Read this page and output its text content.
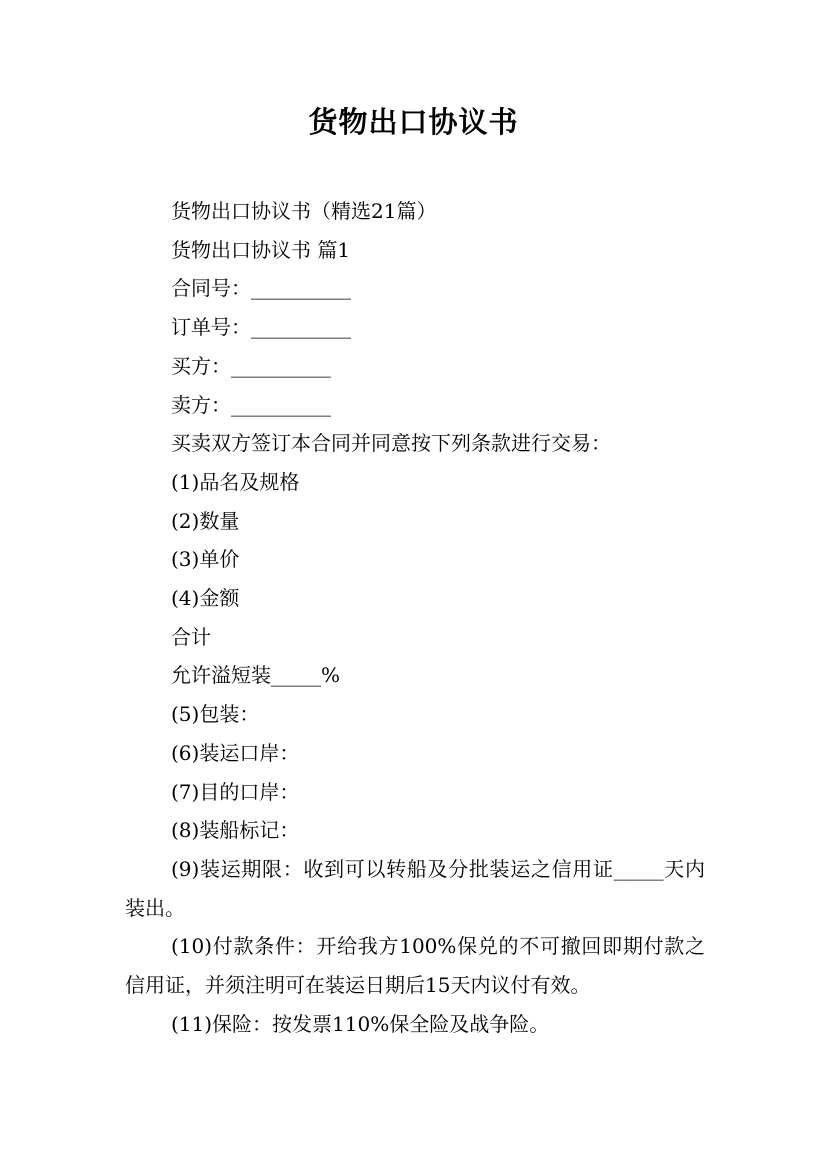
货物出口协议书

货物出口协议书（精选21篇）

货物出口协议书 篇1

合同号：__________

订单号：__________

买方：__________

卖方：__________

买卖双方签订本合同并同意按下列条款进行交易：

(1)品名及规格

(2)数量

(3)单价

(4)金额

合计

允许溢短装_____%

(5)包装：

(6)装运口岸：

(7)目的口岸：

(8)装船标记：

(9)装运期限：收到可以转船及分批装运之信用证_____天内装出。

(10)付款条件：开给我方100%保兑的不可撤回即期付款之信用证，并须注明可在装运日期后15天内议付有效。

(11)保险：按发票110%保全险及战争险。
